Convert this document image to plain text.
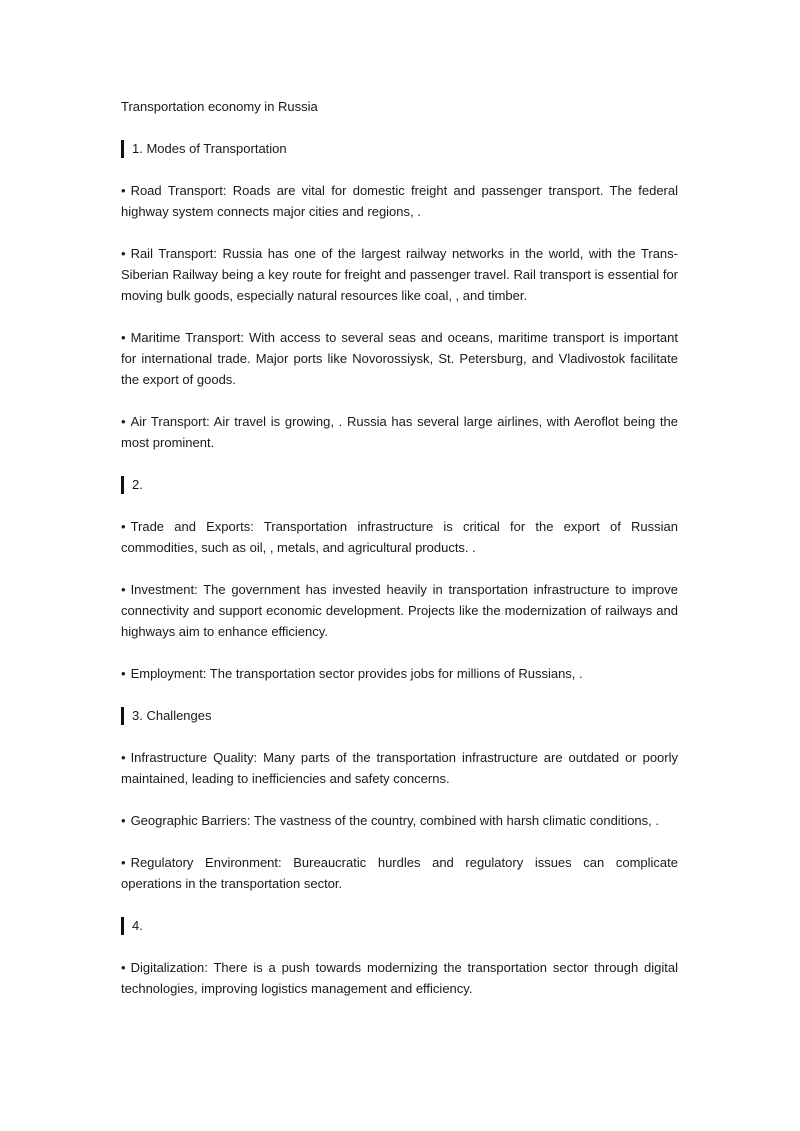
Transportation economy in Russia

1. Modes of Transportation

• Road Transport: Roads are vital for domestic freight and passenger transport. The federal highway system connects major cities and regions, .

• Rail Transport: Russia has one of the largest railway networks in the world, with the Trans-Siberian Railway being a key route for freight and passenger travel. Rail transport is essential for moving bulk goods, especially natural resources like coal, , and timber.

• Maritime Transport: With access to several seas and oceans, maritime transport is important for international trade. Major ports like Novorossiysk, St. Petersburg, and Vladivostok facilitate the export of goods.

• Air Transport: Air travel is growing, . Russia has several large airlines, with Aeroflot being the most prominent.

2.

• Trade and Exports: Transportation infrastructure is critical for the export of Russian commodities, such as oil, , metals, and agricultural products. .

• Investment: The government has invested heavily in transportation infrastructure to improve connectivity and support economic development. Projects like the modernization of railways and highways aim to enhance efficiency.

• Employment: The transportation sector provides jobs for millions of Russians, .

3. Challenges

• Infrastructure Quality: Many parts of the transportation infrastructure are outdated or poorly maintained, leading to inefficiencies and safety concerns.

• Geographic Barriers: The vastness of the country, combined with harsh climatic conditions, .

• Regulatory Environment: Bureaucratic hurdles and regulatory issues can complicate operations in the transportation sector.

4.

• Digitalization: There is a push towards modernizing the transportation sector through digital technologies, improving logistics management and efficiency.
